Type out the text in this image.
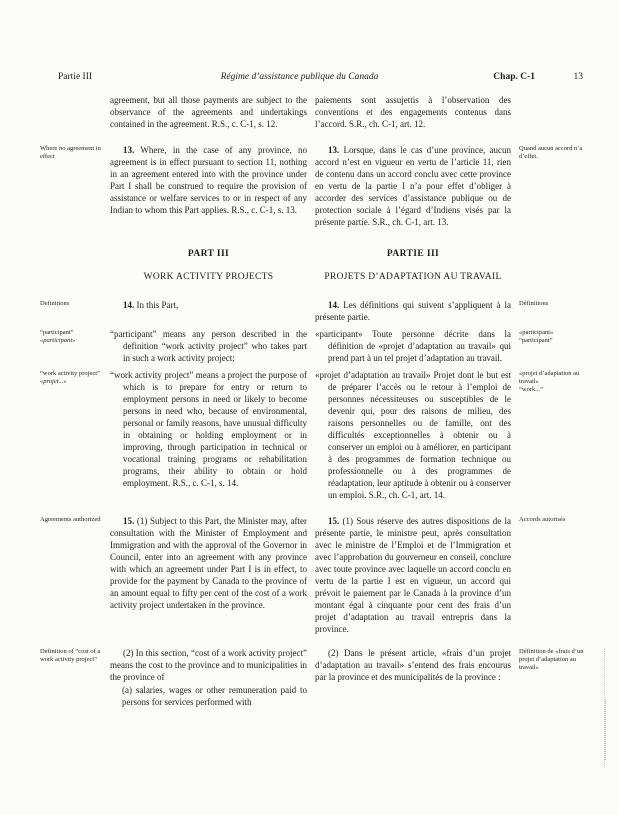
Partie III	Régime d’assistance publique du Canada	Chap. C-1	13

agreement, but all those payments are subject to the observance of the agreements and undertakings contained in the agreement. R.S., c. C-1, s. 12.

paiements sont assujettis à l’observation des conventions et des engagements contenus dans l’accord. S.R., ch. C-1, art. 12.

Where no agreement in effect

13. Where, in the case of any province, no agreement is in effect pursuant to section 11, nothing in an agreement entered into with the province under Part I shall be construed to require the provision of assistance or welfare services to or in respect of any Indian to whom this Part applies. R.S., c. C-1, s. 13.

13. Lorsque, dans le cas d’une province, aucun accord n’est en vigueur en vertu de l’article 11, rien de contenu dans un accord conclu avec cette province en vertu de la partie I n’a pour effet d’obliger à accorder des services d’assistance publique ou de protection sociale à l’égard d’Indiens visés par la présente partie. S.R., ch. C-1, art. 13.

Quand aucun accord n’a d’effet.

PART III

WORK ACTIVITY PROJECTS

PARTIE III

PROJETS D’ADAPTATION AU TRAVAIL

Definitions	14. In this Part,	14. Les définitions qui suivent s’appliquent à la présente partie.

Définitions
“participant”
«participant»

“participant” means any person described in the definition “work activity project” who takes part in such a work activity project;

«participant» Toute personne décrite dans la définition de «projet d’adaptation au travail» qui prend part à un tel projet d’adaptation au travail.

«participant»
“participant”
“work activity project”
«projet...»

“work activity project” means a project the purpose of which is to prepare for entry or return to employment persons in need or likely to become persons in need who, because of environmental, personal or family reasons, have unusual difficulty in obtaining or holding employment or in improving, through participation in technical or vocational training programs or rehabilitation programs, their ability to obtain or hold employment. R.S., c. C-1, s. 14.

«projet d’adaptation au travail» Projet dont le but est de préparer l’accès ou le retour à l’emploi de personnes nécessiteuses ou susceptibles de le devenir qui, pour des raisons de milieu, des raisons personnelles ou de famille, ont des difficultés exceptionnelles à obtenir ou à conserver un emploi ou à améliorer, en participant à des programmes de formation technique ou professionnelle ou à des programmes de réadaptation, leur aptitude à obtenir ou à conserver un emploi. S.R., ch. C-1, art. 14.

«projet d’adaptation au travail»
“work...”
Agreements authorized	15. (1) Subject to this Part, the Minister may, after consultation with the Minister of Employment and Immigration and with the approval of the Governor in Council, enter into an agreement with any province with which an agreement under Part I is in effect, to provide for the payment by Canada to the province of an amount equal to fifty per cent of the cost of a work activity project undertaken in the province.

15. (1) Sous réserve des autres dispositions de la présente partie, le ministre peut, après consultation avec le ministre de l’Emploi et de l’Immigration et avec l’approbation du gouverneur en conseil, conclure avec toute province avec laquelle un accord conclu en vertu de la partie I est en vigueur, un accord qui prévoit le paiement par le Canada à la province d’un montant égal à cinquante pour cent des frais d’un projet d’adaptation au travail entrepris dans la province.

Accords autorisés
Definition of “cost of a work activity project”

(2) In this section, “cost of a work activity project” means the cost to the province and to municipalities in the province of

(a) salaries, wages or other remuneration paid to persons for services performed with

(2) Dans le présent article, «frais d’un projet d’adaptation au travail» s’entend des frais encourus par la province et des municipalités de la province :

Définition de «frais d’un projet d’adaptation au travail»
